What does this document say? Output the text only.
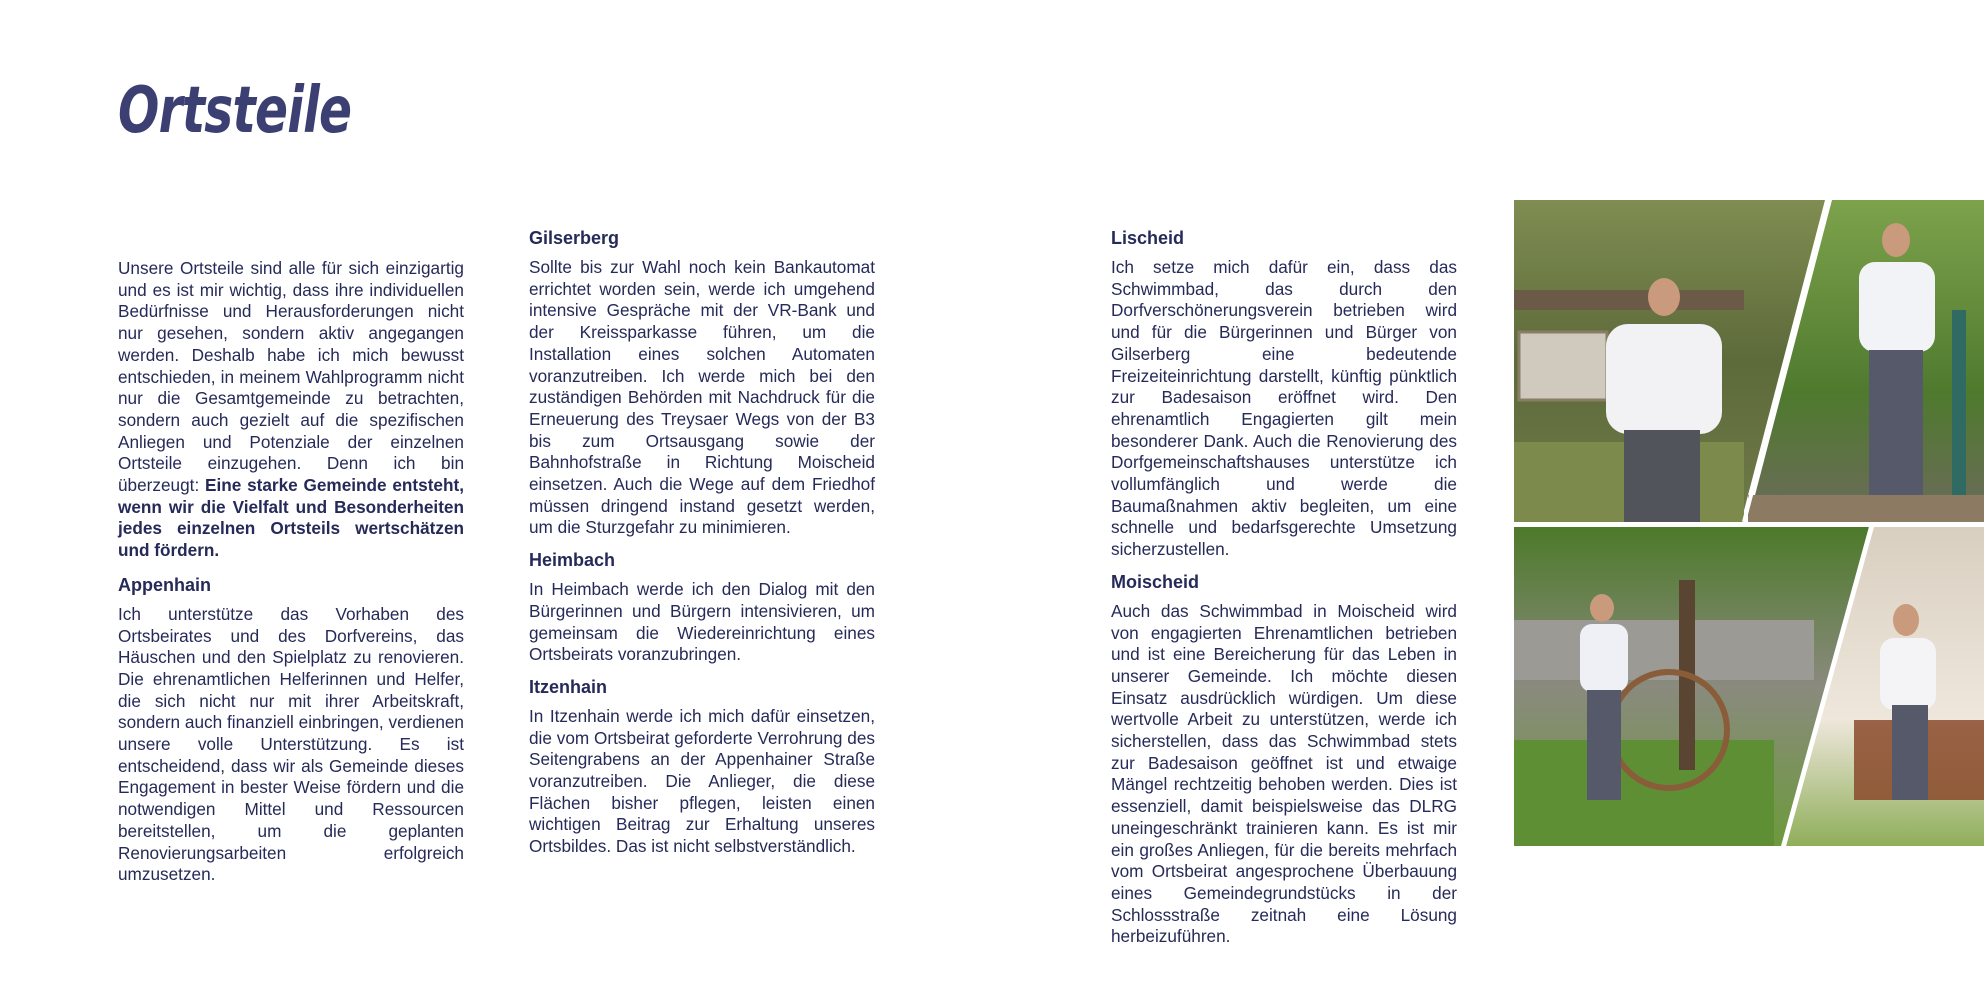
Ortsteile

Unsere Ortsteile sind alle für sich einzigartig und es ist mir wichtig, dass ihre individuellen Bedürfnisse und Herausforderungen nicht nur gesehen, sondern aktiv angegangen werden. Deshalb habe ich mich bewusst entschieden, in meinem Wahlprogramm nicht nur die Gesamtgemeinde zu betrachten, sondern auch gezielt auf die spezifischen Anliegen und Potenziale der einzelnen Ortsteile einzugehen. Denn ich bin überzeugt: Eine starke Gemeinde entsteht, wenn wir die Vielfalt und Besonderheiten jedes einzelnen Ortsteils wertschätzen und fördern.

Appenhain

Ich unterstütze das Vorhaben des Ortsbeirates und des Dorfvereins, das Häuschen und den Spielplatz zu renovieren. Die ehrenamtlichen Helferinnen und Helfer, die sich nicht nur mit ihrer Arbeitskraft, sondern auch finanziell einbringen, verdienen unsere volle Unterstützung. Es ist entscheidend, dass wir als Gemeinde dieses Engagement in bester Weise fördern und die notwendigen Mittel und Ressourcen bereitstellen, um die geplanten Renovierungsarbeiten erfolgreich umzusetzen.

Gilserberg

Sollte bis zur Wahl noch kein Bankautomat errichtet worden sein, werde ich umgehend intensive Gespräche mit der VR-Bank und der Kreissparkasse führen, um die Installation eines solchen Automaten voranzutreiben. Ich werde mich bei den zuständigen Behörden mit Nachdruck für die Erneuerung des Treysaer Wegs von der B3 bis zum Ortsausgang sowie der Bahnhofstraße in Richtung Moischeid einsetzen. Auch die Wege auf dem Friedhof müssen dringend instand gesetzt werden, um die Sturzgefahr zu minimieren.

Heimbach

In Heimbach werde ich den Dialog mit den Bürgerinnen und Bürgern intensivieren, um gemeinsam die Wiedereinrichtung eines Ortsbeirats voranzubringen.

Itzenhain

In Itzenhain werde ich mich dafür einsetzen, die vom Ortsbeirat geforderte Verrohrung des Seitengrabens an der Appenhainer Straße voranzutreiben. Die Anlieger, die diese Flächen bisher pflegen, leisten einen wichtigen Beitrag zur Erhaltung unseres Ortsbildes. Das ist nicht selbstverständlich.

Lischeid

Ich setze mich dafür ein, dass das Schwimmbad, das durch den Dorfverschönerungsverein betrieben wird und für die Bürgerinnen und Bürger von Gilserberg eine bedeutende Freizeiteinrichtung darstellt, künftig pünktlich zur Badesaison eröffnet wird. Den ehrenamtlich Engagierten gilt mein besonderer Dank. Auch die Renovierung des Dorfgemeinschaftshauses unterstütze ich vollumfänglich und werde die Baumaßnahmen aktiv begleiten, um eine schnelle und bedarfsgerechte Umsetzung sicherzustellen.

Moischeid

Auch das Schwimmbad in Moischeid wird von engagierten Ehrenamtlichen betrieben und ist eine Bereicherung für das Leben in unserer Gemeinde. Ich möchte diesen Einsatz ausdrücklich würdigen. Um diese wertvolle Arbeit zu unterstützen, werde ich sicherstellen, dass das Schwimmbad stets zur Badesaison geöffnet ist und etwaige Mängel rechtzeitig behoben werden. Dies ist essenziell, damit beispielsweise das DLRG uneingeschränkt trainieren kann. Es ist mir ein großes Anliegen, für die bereits mehrfach vom Ortsbeirat angesprochene Überbauung eines Gemeindegrundstücks in der Schlossstraße zeitnah eine Lösung herbeizuführen.
